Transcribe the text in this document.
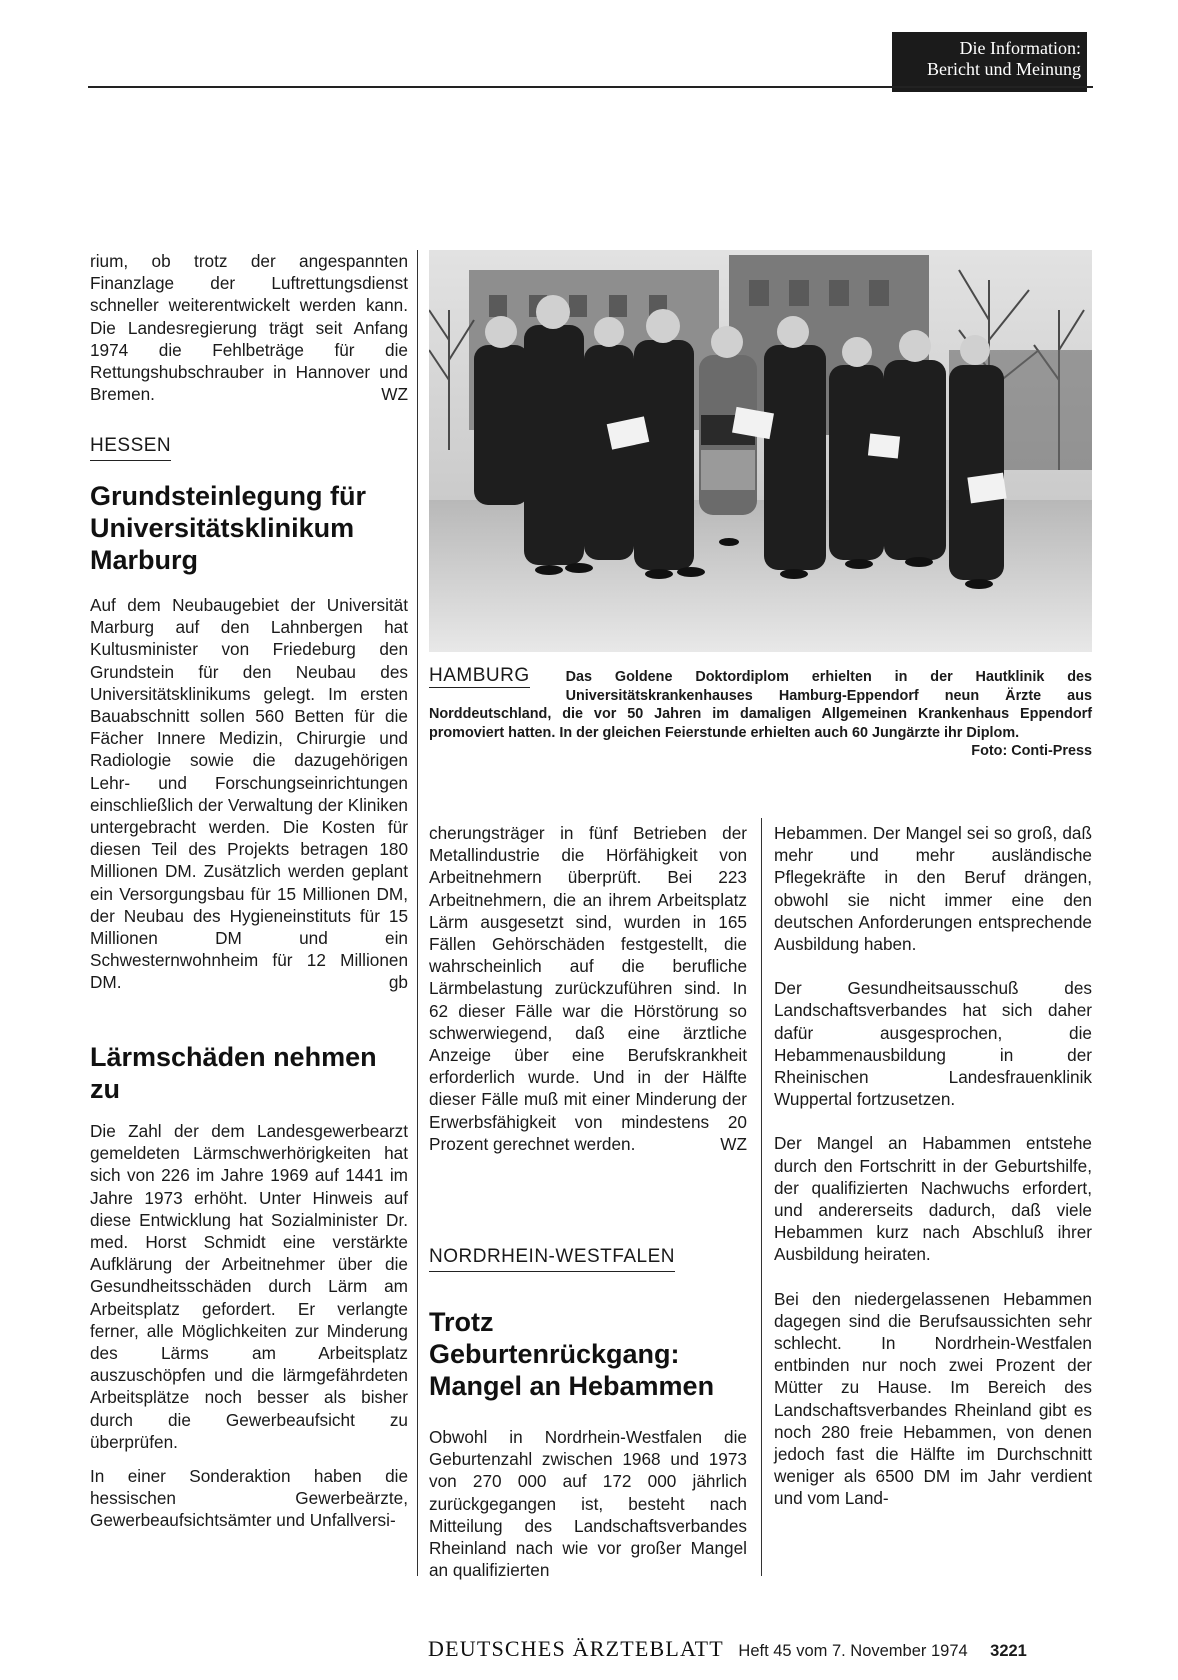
Die Information:
Bericht und Meinung

rium, ob trotz der angespannten Finanzlage der Luftrettungsdienst schneller weiterentwickelt werden kann. Die Landesregierung trägt seit Anfang 1974 die Fehlbeträge für die Rettungshubschrauber in Hannover und Bremen.	WZ

HESSEN
Grundsteinlegung für Universitätsklinikum Marburg

Auf dem Neubaugebiet der Universität Marburg auf den Lahnbergen hat Kultusminister von Friedeburg den Grundstein für den Neubau des Universitätsklinikums gelegt. Im ersten Bauabschnitt sollen 560 Betten für die Fächer Innere Medizin, Chirurgie und Radiologie sowie die dazugehörigen Lehr- und Forschungseinrichtungen einschließlich der Verwaltung der Kliniken untergebracht werden. Die Kosten für diesen Teil des Projekts betragen 180 Millionen DM. Zusätzlich werden geplant ein Versorgungsbau für 15 Millionen DM, der Neubau des Hygieneinstituts für 15 Millionen DM und ein Schwesternwohnheim für 12 Millionen DM.	gb

Lärmschäden nehmen zu

Die Zahl der dem Landesgewerbearzt gemeldeten Lärmschwerhörigkeiten hat sich von 226 im Jahre 1969 auf 1441 im Jahre 1973 erhöht. Unter Hinweis auf diese Entwicklung hat Sozialminister Dr. med. Horst Schmidt eine verstärkte Aufklärung der Arbeitnehmer über die Gesundheitsschäden durch Lärm am Arbeitsplatz gefordert. Er verlangte ferner, alle Möglichkeiten zur Minderung des Lärms am Arbeitsplatz auszuschöpfen und die lärmgefährdeten Arbeitsplätze noch besser als bisher durch die Gewerbeaufsicht zu überprüfen.

In einer Sonderaktion haben die hessischen Gewerbeärzte, Gewerbeaufsichtsämter und Unfallversi-

HAMBURG	Das Goldene Doktordiplom erhielten in der Hautklinik des Universitätskrankenhauses Hamburg-Eppendorf neun Ärzte aus Norddeutschland, die vor 50 Jahren im damaligen Allgemeinen Krankenhaus Eppendorf promoviert hatten. In der gleichen Feierstunde erhielten auch 60 Jungärzte ihr Diplom.
Foto: Conti-Press

cherungsträger in fünf Betrieben der Metallindustrie die Hörfähigkeit von Arbeitnehmern überprüft. Bei 223 Arbeitnehmern, die an ihrem Arbeitsplatz Lärm ausgesetzt sind, wurden in 165 Fällen Gehörschäden festgestellt, die wahrscheinlich auf die berufliche Lärmbelastung zurückzuführen sind. In 62 dieser Fälle war die Hörstörung so schwerwiegend, daß eine ärztliche Anzeige über eine Berufskrankheit erforderlich wurde. Und in der Hälfte dieser Fälle muß mit einer Minderung der Erwerbsfähigkeit von mindestens 20 Prozent gerechnet werden.	WZ

NORDRHEIN-WESTFALEN
Trotz Geburtenrückgang: Mangel an Hebammen

Obwohl in Nordrhein-Westfalen die Geburtenzahl zwischen 1968 und 1973 von 270 000 auf 172 000 jährlich zurückgegangen ist, besteht nach Mitteilung des Landschaftsverbandes Rheinland nach wie vor großer Mangel an qualifizierten

Hebammen. Der Mangel sei so groß, daß mehr und mehr ausländische Pflegekräfte in den Beruf drängen, obwohl sie nicht immer eine den deutschen Anforderungen entsprechende Ausbildung haben.

Der Gesundheitsausschuß des Landschaftsverbandes hat sich daher dafür ausgesprochen, die Hebammenausbildung in der Rheinischen Landesfrauenklinik Wuppertal fortzusetzen.

Der Mangel an Habammen entstehe durch den Fortschritt in der Geburtshilfe, der qualifizierten Nachwuchs erfordert, und andererseits dadurch, daß viele Hebammen kurz nach Abschluß ihrer Ausbildung heiraten.

Bei den niedergelassenen Hebammen dagegen sind die Berufsaussichten sehr schlecht. In Nordrhein-Westfalen entbinden nur noch zwei Prozent der Mütter zu Hause. Im Bereich des Landschaftsverbandes Rheinland gibt es noch 280 freie Hebammen, von denen jedoch fast die Hälfte im Durchschnitt weniger als 6500 DM im Jahr verdient und vom Land-

DEUTSCHES ÄRZTEBLATT Heft 45 vom 7. November 1974 3221
